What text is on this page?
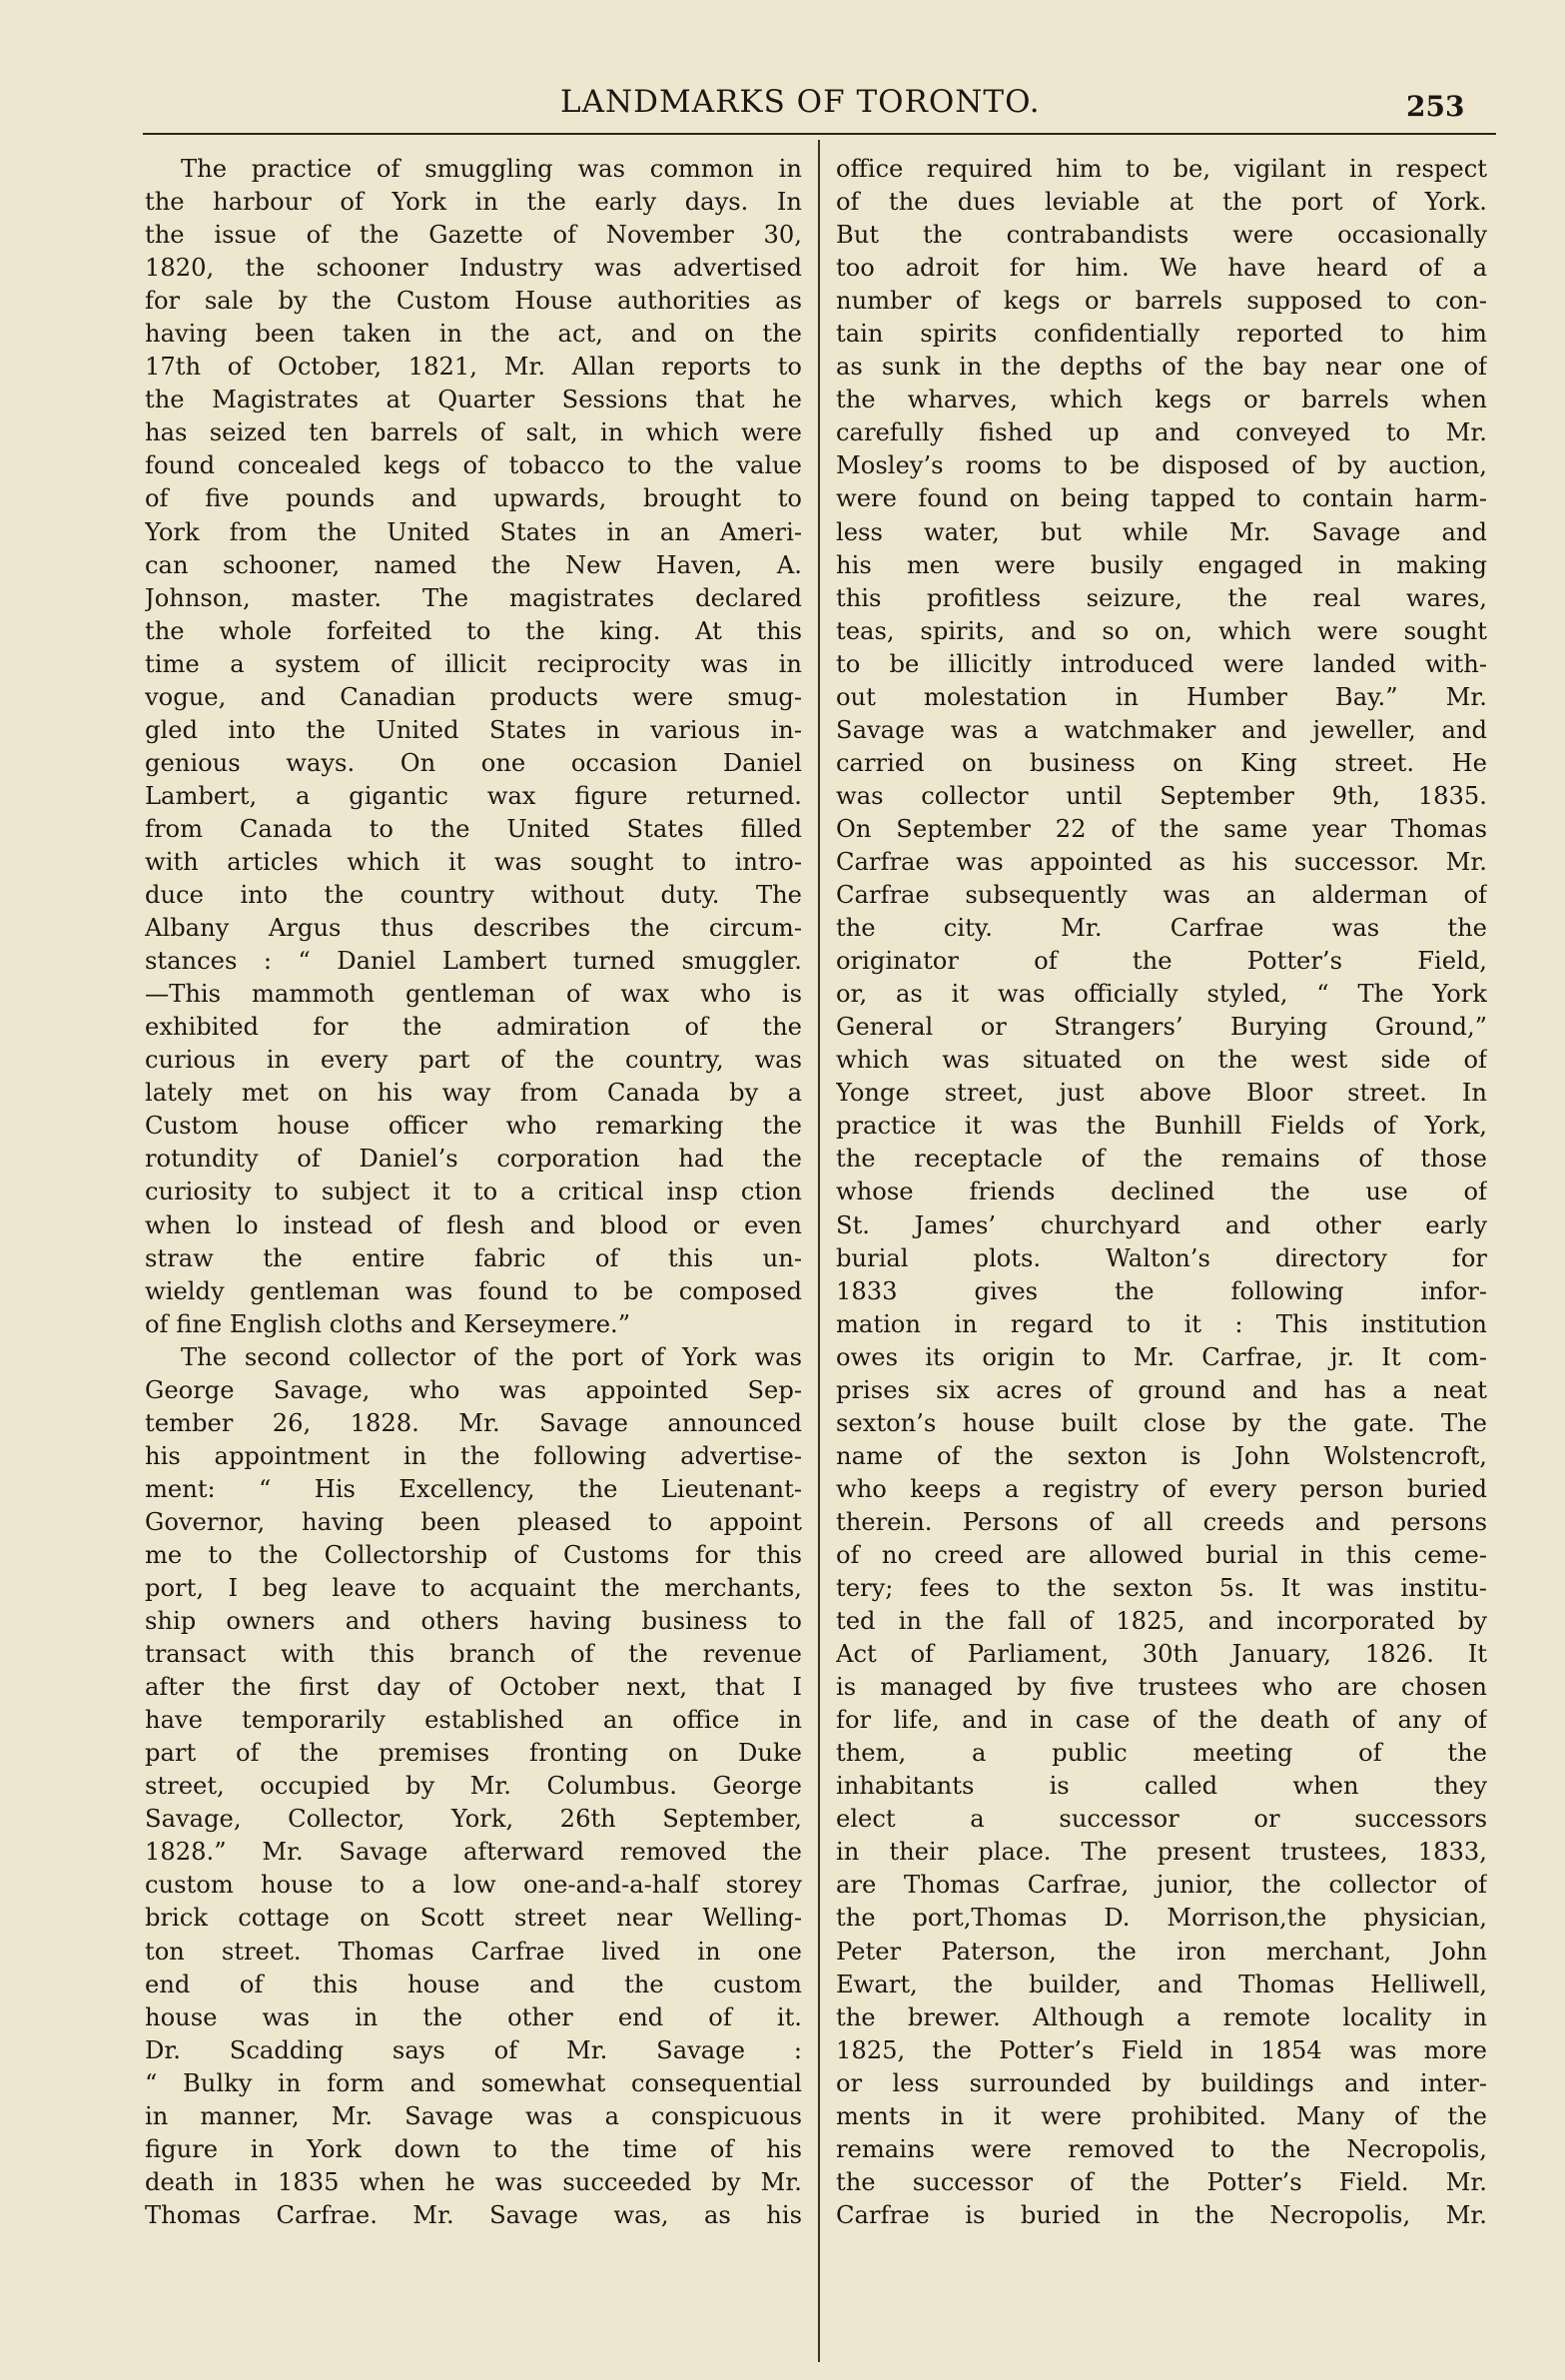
LANDMARKS OF TORONTO.	253
The practice of smuggling was common in
the harbour of York in the early days. In
the issue of the Gazette of November 30,
1820, the schooner Industry was advertised
for sale by the Custom House authorities as
having been taken in the act, and on the
17th of October, 1821, Mr. Allan reports to
the Magistrates at Quarter Sessions that he
has seized ten barrels of salt, in which were
found concealed kegs of tobacco to the value
of five pounds and upwards, brought to
York from the United States in an Ameri-
can schooner, named the New Haven, A.
Johnson, master. The magistrates declared
the whole forfeited to the king. At this
time a system of illicit reciprocity was in
vogue, and Canadian products were smug-
gled into the United States in various in-
genious ways. On one occasion Daniel
Lambert, a gigantic wax figure returned.
from Canada to the United States filled
with articles which it was sought to intro-
duce into the country without duty. The
Albany Argus thus describes the circum-
stances : “ Daniel Lambert turned smuggler.
—This mammoth gentleman of wax who is
exhibited for the admiration of the
curious in every part of the country, was
lately met on his way from Canada by a
Custom house officer who remarking the
rotundity of Daniel’s corporation had the
curiosity to subject it to a critical insp ction
when lo instead of flesh and blood or even
straw the entire fabric of this un-
wieldy gentleman was found to be composed
of fine English cloths and Kerseymere.”
The second collector of the port of York was
George Savage, who was appointed Sep-
tember 26, 1828. Mr. Savage announced
his appointment in the following advertise-
ment: “ His Excellency, the Lieutenant-
Governor, having been pleased to appoint
me to the Collectorship of Customs for this
port, I beg leave to acquaint the merchants,
ship owners and others having business to
transact with this branch of the revenue
after the first day of October next, that I
have temporarily established an office in
part of the premises fronting on Duke
street, occupied by Mr. Columbus. George
Savage, Collector, York, 26th September,
1828.” Mr. Savage afterward removed the
custom house to a low one-and-a-half storey
brick cottage on Scott street near Welling-
ton street. Thomas Carfrae lived in one
end of this house and the custom
house was in the other end of it.
Dr. Scadding says of Mr. Savage :
“ Bulky in form and somewhat consequential
in manner, Mr. Savage was a conspicuous
figure in York down to the time of his
death in 1835 when he was succeeded by Mr.
Thomas Carfrae. Mr. Savage was, as his
office required him to be, vigilant in respect
of the dues leviable at the port of York.
But the contrabandists were occasionally
too adroit for him. We have heard of a
number of kegs or barrels supposed to con-
tain spirits confidentially reported to him
as sunk in the depths of the bay near one of
the wharves, which kegs or barrels when
carefully fished up and conveyed to Mr.
Mosley’s rooms to be disposed of by auction,
were found on being tapped to contain harm-
less water, but while Mr. Savage and
his men were busily engaged in making
this profitless seizure, the real wares,
teas, spirits, and so on, which were sought
to be illicitly introduced were landed with-
out molestation in Humber Bay.” Mr.
Savage was a watchmaker and jeweller, and
carried on business on King street. He
was collector until September 9th, 1835.
On September 22 of the same year Thomas
Carfrae was appointed as his successor. Mr.
Carfrae subsequently was an alderman of
the city. Mr. Carfrae was the
originator of the Potter’s Field,
or, as it was officially styled, “ The York
General or Strangers’ Burying Ground,”
which was situated on the west side of
Yonge street, just above Bloor street. In
practice it was the Bunhill Fields of York,
the receptacle of the remains of those
whose friends declined the use of
St. James’ churchyard and other early
burial plots. Walton’s directory for
1833 gives the following infor-
mation in regard to it : This institution
owes its origin to Mr. Carfrae, jr. It com-
prises six acres of ground and has a neat
sexton’s house built close by the gate. The
name of the sexton is John Wolstencroft,
who keeps a registry of every person buried
therein. Persons of all creeds and persons
of no creed are allowed burial in this ceme-
tery; fees to the sexton 5s. It was institu-
ted in the fall of 1825, and incorporated by
Act of Parliament, 30th January, 1826. It
is managed by five trustees who are chosen
for life, and in case of the death of any of
them, a public meeting of the
inhabitants is called when they
elect a successor or successors
in their place. The present trustees, 1833,
are Thomas Carfrae, junior, the collector of
the port,Thomas D. Morrison,the physician,
Peter Paterson, the iron merchant, John
Ewart, the builder, and Thomas Helliwell,
the brewer. Although a remote locality in
1825, the Potter’s Field in 1854 was more
or less surrounded by buildings and inter-
ments in it were prohibited. Many of the
remains were removed to the Necropolis,
the successor of the Potter’s Field. Mr.
Carfrae is buried in the Necropolis, Mr.
